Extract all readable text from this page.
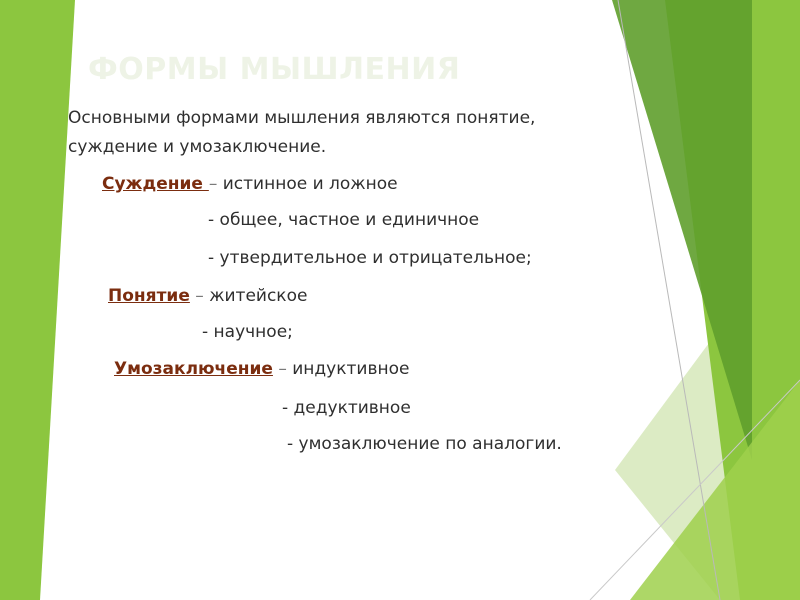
ФОРМЫ МЫШЛЕНИЯ
Основными формами мышления являются понятие,
суждение и умозаключение.
Суждение – истинное и ложное
- общее, частное и единичное
- утвердительное и отрицательное;
Понятие – житейское
- научное;
Умозаключение – индуктивное
- дедуктивное
- умозаключение по аналогии.
